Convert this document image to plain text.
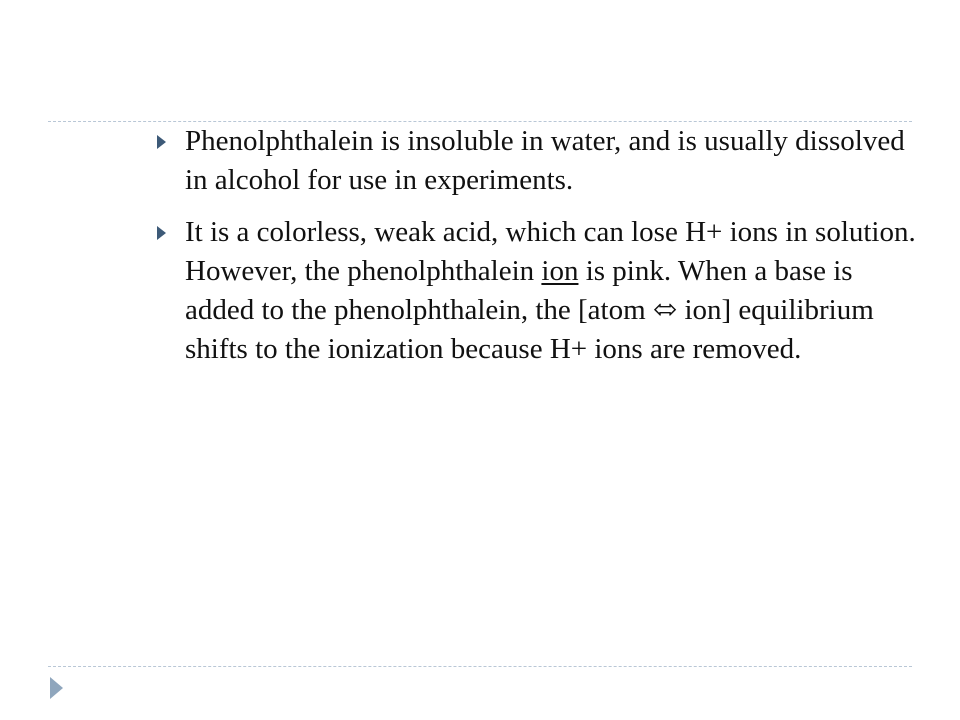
Phenolphthalein is insoluble in water, and is usually dissolved in alcohol for use in experiments.
It is a colorless, weak acid, which can lose H+ ions in solution. However, the phenolphthalein ion is pink. When a base is added to the phenolphthalein, the [atom ⬄ ion] equilibrium shifts to the ionization because H+ ions are removed.
